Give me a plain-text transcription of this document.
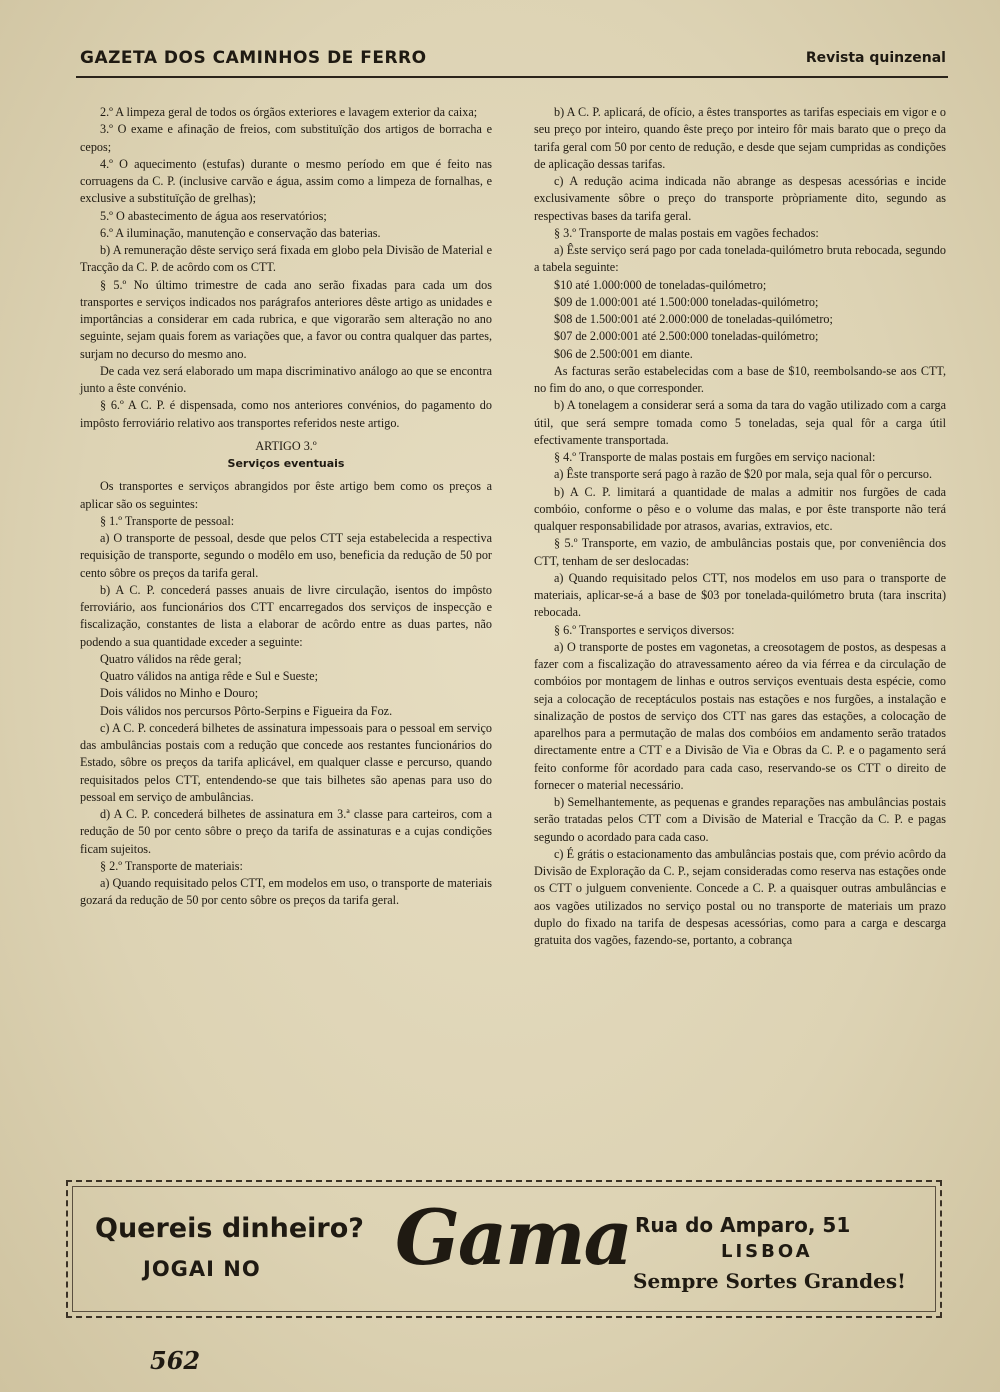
GAZETA DOS CAMINHOS DE FERRO	Revista quinzenal

2.º A limpeza geral de todos os órgãos exteriores e lavagem exterior da caixa;

3.º O exame e afinação de freios, com substituïção dos artigos de borracha e cepos;

4.º O aquecimento (estufas) durante o mesmo período em que é feito nas corruagens da C. P. (inclusive carvão e água, assim como a limpeza de fornalhas, e exclusive a substituïção de grelhas);

5.º O abastecimento de água aos reservatórios;

6.º A iluminação, manutenção e conservação das baterias.

b) A remuneração dêste serviço será fixada em globo pela Divisão de Material e Tracção da C. P. de acôrdo com os CTT.

§ 5.º No último trimestre de cada ano serão fixadas para cada um dos transportes e serviços indicados nos parágrafos anteriores dêste artigo as unidades e importâncias a considerar em cada rubrica, e que vigorarão sem alteração no ano seguinte, sejam quais forem as variações que, a favor ou contra qualquer das partes, surjam no decurso do mesmo ano.

De cada vez será elaborado um mapa discriminativo análogo ao que se encontra junto a êste convénio.

§ 6.º A C. P. é dispensada, como nos anteriores convénios, do pagamento do impôsto ferroviário relativo aos transportes referidos neste artigo.

ARTIGO 3.º

Serviços eventuais

Os transportes e serviços abrangidos por êste artigo bem como os preços a aplicar são os seguintes:

§ 1.º Transporte de pessoal:

a) O transporte de pessoal, desde que pelos CTT seja estabelecida a respectiva requisição de transporte, segundo o modêlo em uso, beneficia da redução de 50 por cento sôbre os preços da tarifa geral.

b) A C. P. concederá passes anuais de livre circulação, isentos do impôsto ferroviário, aos funcionários dos CTT encarregados dos serviços de inspecção e fiscalização, constantes de lista a elaborar de acôrdo entre as duas partes, não podendo a sua quantidade exceder a seguinte:

Quatro válidos na rêde geral;

Quatro válidos na antiga rêde e Sul e Sueste;

Dois válidos no Minho e Douro;

Dois válidos nos percursos Pôrto-Serpins e Figueira da Foz.

c) A C. P. concederá bilhetes de assinatura impessoais para o pessoal em serviço das ambulâncias postais com a redução que concede aos restantes funcionários do Estado, sôbre os preços da tarifa aplicável, em qualquer classe e percurso, quando requisitados pelos CTT, entendendo-se que tais bilhetes são apenas para uso do pessoal em serviço de ambulâncias.

d) A C. P. concederá bilhetes de assinatura em 3.ª classe para carteiros, com a redução de 50 por cento sôbre o preço da tarifa de assinaturas e a cujas condições ficam sujeitos.

§ 2.º Transporte de materiais:

a) Quando requisitado pelos CTT, em modelos em uso, o transporte de materiais gozará da redução de 50 por cento sôbre os preços da tarifa geral.

b) A C. P. aplicará, de ofício, a êstes transportes as tarifas especiais em vigor e o seu preço por inteiro, quando êste preço por inteiro fôr mais barato que o preço da tarifa geral com 50 por cento de redução, e desde que sejam cumpridas as condições de aplicação dessas tarifas.

c) A redução acima indicada não abrange as despesas acessórias e incide exclusivamente sôbre o preço do transporte pròpriamente dito, segundo as respectivas bases da tarifa geral.

§ 3.º Transporte de malas postais em vagões fechados:

a) Êste serviço será pago por cada tonelada-quilómetro bruta rebocada, segundo a tabela seguinte:

$10 até 1.000:000 de toneladas-quilómetro;

$09 de 1.000:001 até 1.500:000 toneladas-quilómetro;

$08 de 1.500:001 até 2.000:000 de toneladas-quilómetro;

$07 de 2.000:001 até 2.500:000 toneladas-quilómetro;

$06 de 2.500:001 em diante.

As facturas serão estabelecidas com a base de $10, reembolsando-se aos CTT, no fim do ano, o que corresponder.

b) A tonelagem a considerar será a soma da tara do vagão utilizado com a carga útil, que será sempre tomada como 5 toneladas, seja qual fôr a carga útil efectivamente transportada.

§ 4.º Transporte de malas postais em furgões em serviço nacional:

a) Êste transporte será pago à razão de $20 por mala, seja qual fôr o percurso.

b) A C. P. limitará a quantidade de malas a admitir nos furgões de cada combóio, conforme o pêso e o volume das malas, e por êste transporte não terá qualquer responsabilidade por atrasos, avarias, extravios, etc.

§ 5.º Transporte, em vazio, de ambulâncias postais que, por conveniência dos CTT, tenham de ser deslocadas:

a) Quando requisitado pelos CTT, nos modelos em uso para o transporte de materiais, aplicar-se-á a base de $03 por tonelada-quilómetro bruta (tara inscrita) rebocada.

§ 6.º Transportes e serviços diversos:

a) O transporte de postes em vagonetas, a creosotagem de postos, as despesas a fazer com a fiscalização do atravessamento aéreo da via férrea e da circulação de combóios por montagem de linhas e outros serviços eventuais desta espécie, como seja a colocação de receptáculos postais nas estações e nos furgões, a instalação e sinalização de postos de serviço dos CTT nas gares das estações, a colocação de aparelhos para a permutação de malas dos combóios em andamento serão tratados directamente entre a CTT e a Divisão de Via e Obras da C. P. e o pagamento será feito conforme fôr acordado para cada caso, reservando-se os CTT o direito de fornecer o material necessário.

b) Semelhantemente, as pequenas e grandes reparações nas ambulâncias postais serão tratadas pelos CTT com a Divisão de Material e Tracção da C. P. e pagas segundo o acordado para cada caso.

c) É grátis o estacionamento das ambulâncias postais que, com prévio acôrdo da Divisão de Exploração da C. P., sejam consideradas como reserva nas estações onde os CTT o julguem conveniente. Concede a C. P. a quaisquer outras ambulâncias e aos vagões utilizados no serviço postal ou no transporte de materiais um prazo duplo do fixado na tarifa de despesas acessórias, como para a carga e descarga gratuita dos vagões, fazendo-se, portanto, a cobrança

Quereis dinheiro?
JOGAI NO Gama Rua do Amparo, 51
LISBOA
Sempre Sortes Grandes!
562
